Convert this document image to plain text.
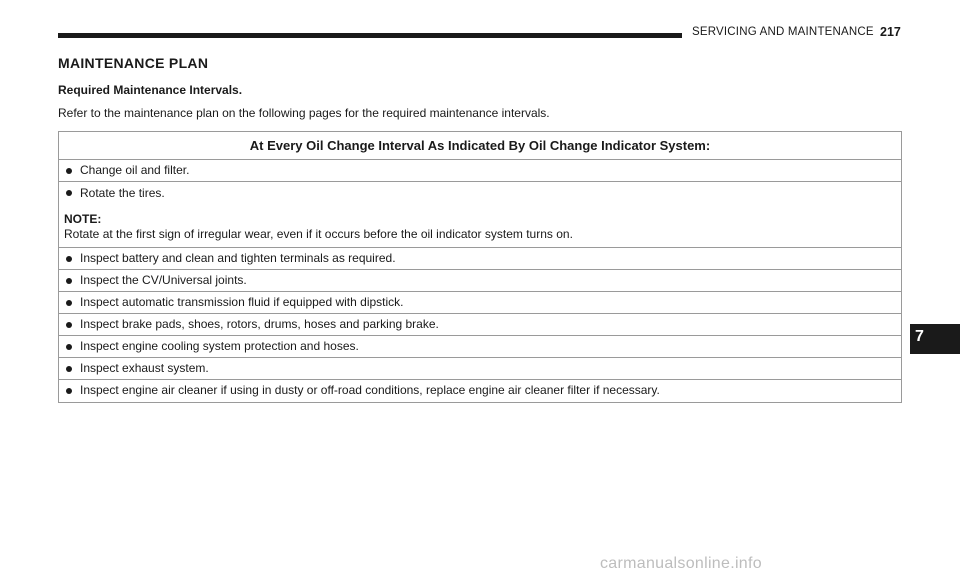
SERVICING AND MAINTENANCE 217
MAINTENANCE PLAN
Required Maintenance Intervals.
Refer to the maintenance plan on the following pages for the required maintenance intervals.
At Every Oil Change Interval As Indicated By Oil Change Indicator System:
Change oil and filter.
Rotate the tires.
NOTE:
Rotate at the first sign of irregular wear, even if it occurs before the oil indicator system turns on.
Inspect battery and clean and tighten terminals as required.
Inspect the CV/Universal joints.
Inspect automatic transmission fluid if equipped with dipstick.
Inspect brake pads, shoes, rotors, drums, hoses and parking brake.
Inspect engine cooling system protection and hoses.
Inspect exhaust system.
Inspect engine air cleaner if using in dusty or off-road conditions, replace engine air cleaner filter if necessary.
7
carmanualsonline.info
